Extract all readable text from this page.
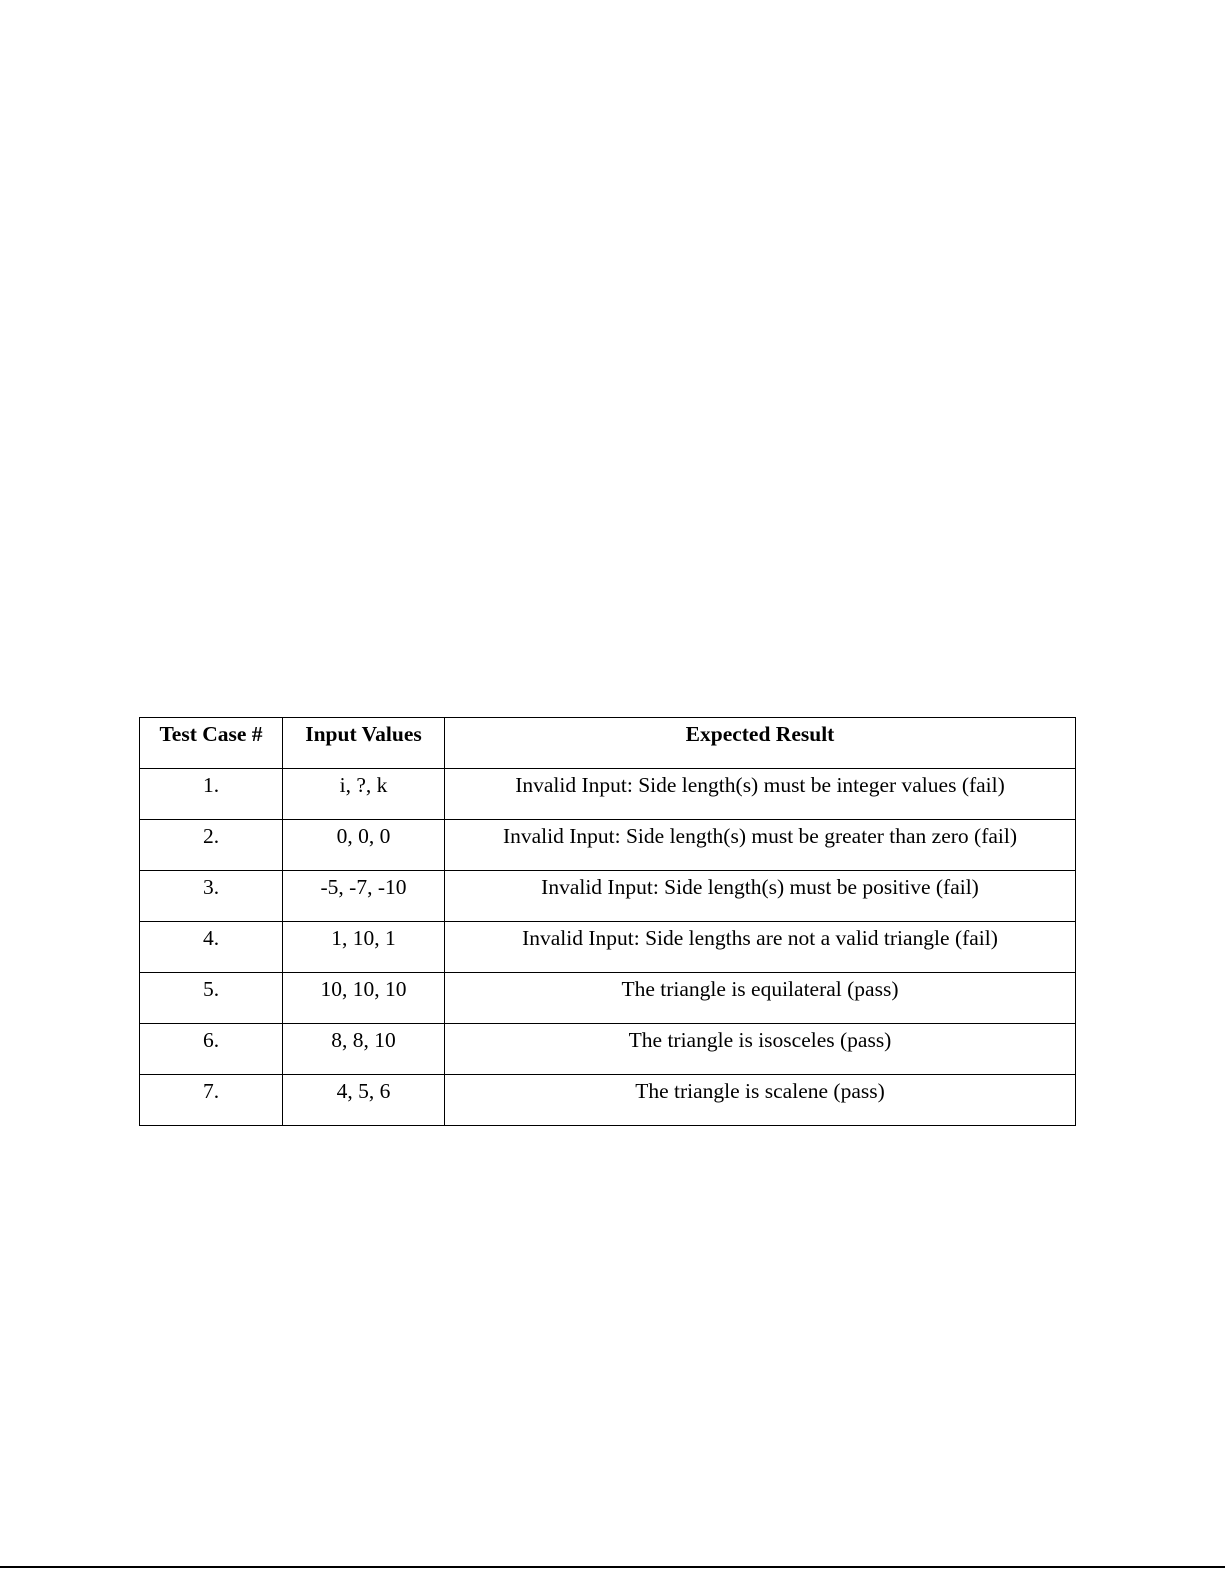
Test Case #	Input Values	Expected Result
1.	i, ?, k	Invalid Input: Side length(s) must be integer values (fail)
2.	0, 0, 0	Invalid Input: Side length(s) must be greater than zero (fail)
3.	-5, -7, -10	Invalid Input: Side length(s) must be positive (fail)
4.	1, 10, 1	Invalid Input: Side lengths are not a valid triangle (fail)
5.	10, 10, 10	The triangle is equilateral (pass)
6.	8, 8, 10	The triangle is isosceles (pass)
7.	4, 5, 6	The triangle is scalene (pass)
